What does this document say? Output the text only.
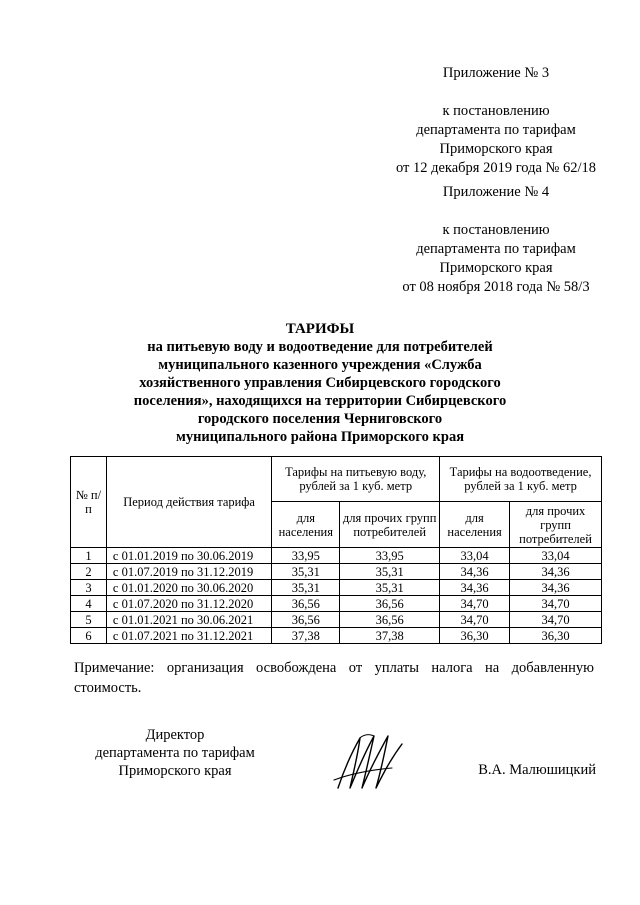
Приложение № 3
к постановлению
департамента по тарифам
Приморского края
от 12 декабря 2019 года № 62/18
Приложение № 4
к постановлению
департамента по тарифам
Приморского края
от 08 ноября 2018 года № 58/3
ТАРИФЫ
на питьевую воду и водоотведение для потребителей
муниципального казенного учреждения «Служба
хозяйственного управления Сибирцевского городского
поселения», находящихся на территории Сибирцевского
городского поселения Черниговского
муниципального района Приморского края
№ п/п	Период действия тарифа	Тарифы на питьевую воду, рублей за 1 куб. метр		Тарифы на водоотведение, рублей за 1 куб. метр	
		для населения	для прочих групп потребителей	для населения	для прочих групп потребителей
1	с 01.01.2019 по 30.06.2019	33,95	33,95	33,04	33,04
2	с 01.07.2019 по 31.12.2019	35,31	35,31	34,36	34,36
3	с 01.01.2020 по 30.06.2020	35,31	35,31	34,36	34,36
4	с 01.07.2020 по 31.12.2020	36,56	36,56	34,70	34,70
5	с 01.01.2021 по 30.06.2021	36,56	36,56	34,70	34,70
6	с 01.07.2021 по 31.12.2021	37,38	37,38	36,30	36,30
Примечание: организация освобождена от уплаты налога на добавленную стоимость.
Директор
департамента по тарифам
Приморского края	В.А. Малюшицкий
